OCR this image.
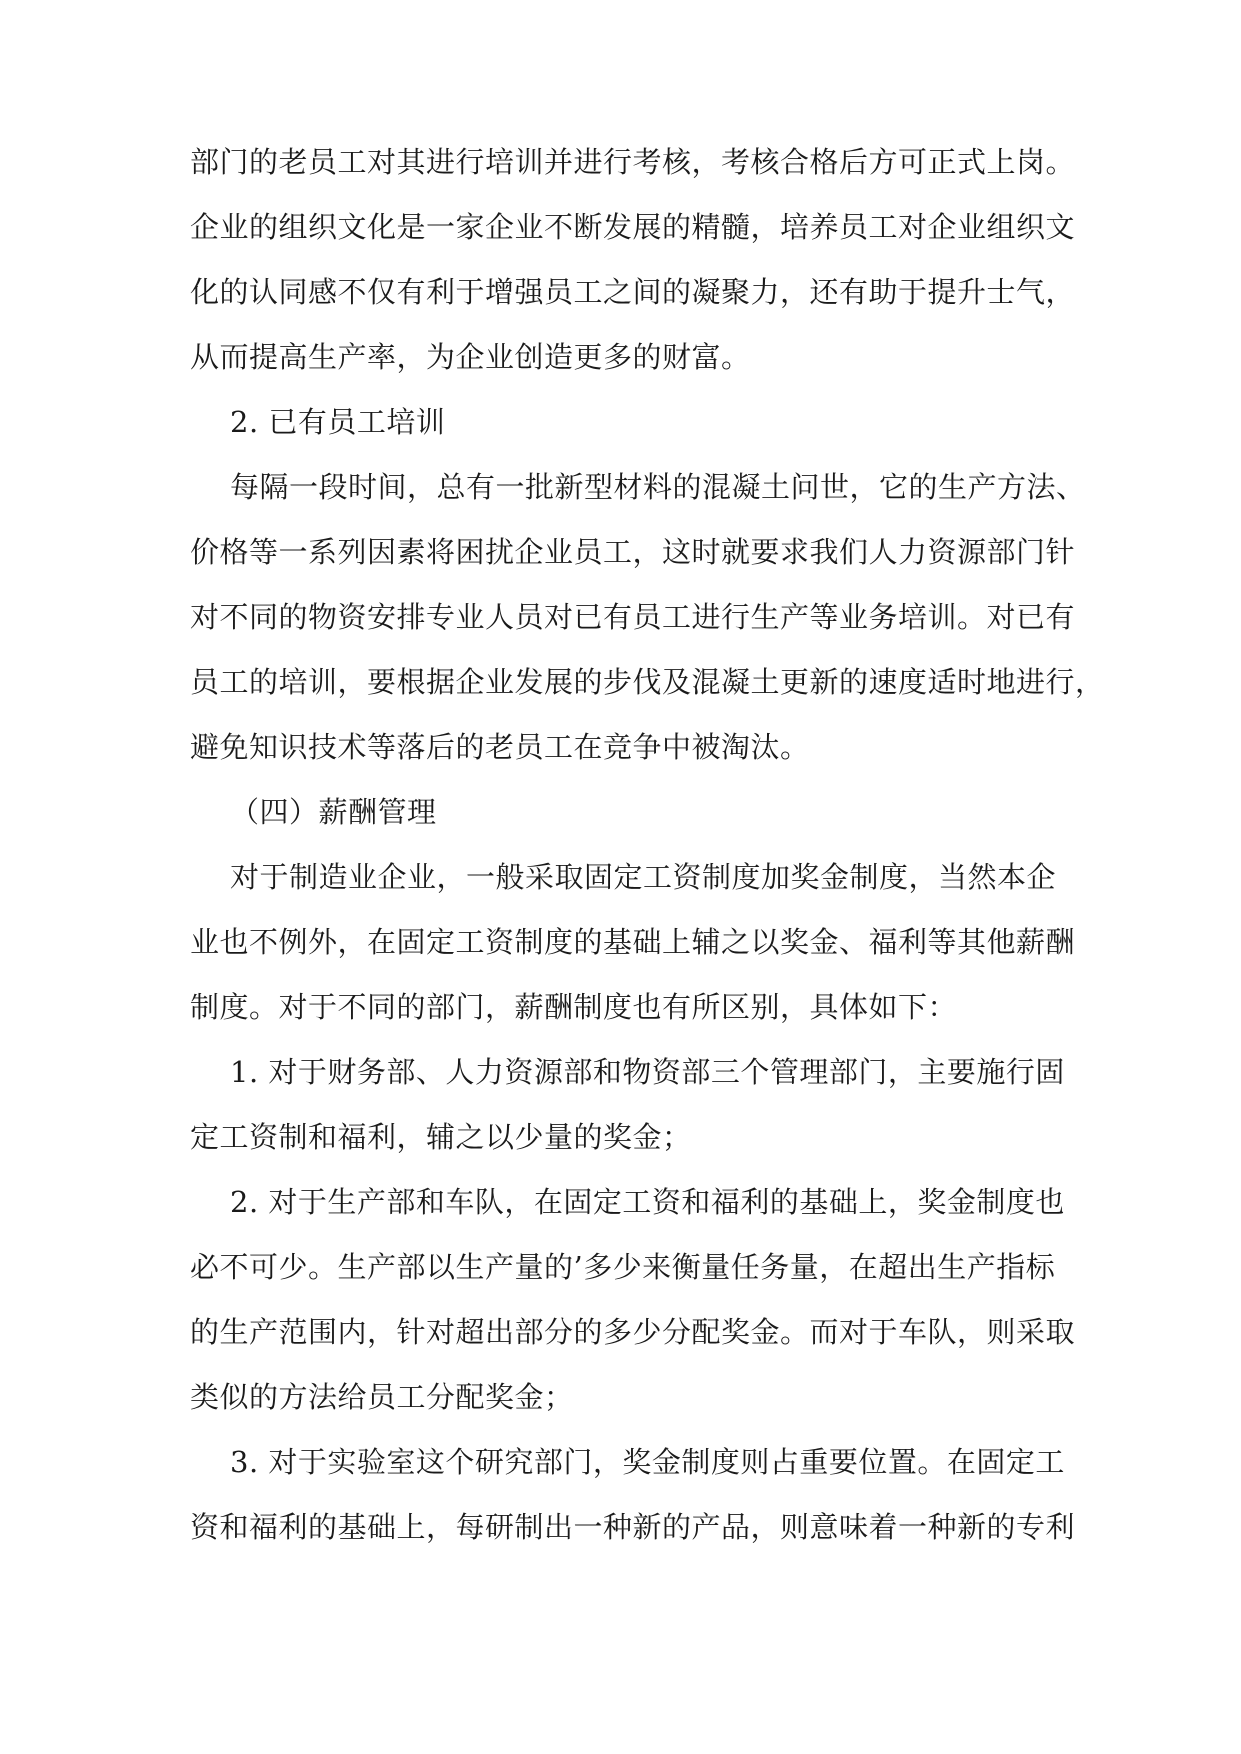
部门的老员工对其进行培训并进行考核，考核合格后方可正式上岗。
企业的组织文化是一家企业不断发展的精髓，培养员工对企业组织文
化的认同感不仅有利于增强员工之间的凝聚力，还有助于提升士气，
从而提高生产率，为企业创造更多的财富。
2. 已有员工培训
每隔一段时间，总有一批新型材料的混凝土问世，它的生产方法、
价格等一系列因素将困扰企业员工，这时就要求我们人力资源部门针
对不同的物资安排专业人员对已有员工进行生产等业务培训。对已有
员工的培训，要根据企业发展的步伐及混凝土更新的速度适时地进行，
避免知识技术等落后的老员工在竞争中被淘汰。
（四）薪酬管理
对于制造业企业，一般采取固定工资制度加奖金制度，当然本企
业也不例外，在固定工资制度的基础上辅之以奖金、福利等其他薪酬
制度。对于不同的部门，薪酬制度也有所区别，具体如下：
1. 对于财务部、人力资源部和物资部三个管理部门，主要施行固
定工资制和福利，辅之以少量的奖金；
2. 对于生产部和车队，在固定工资和福利的基础上，奖金制度也
必不可少。生产部以生产量的’多少来衡量任务量，在超出生产指标
的生产范围内，针对超出部分的多少分配奖金。而对于车队，则采取
类似的方法给员工分配奖金；
3. 对于实验室这个研究部门，奖金制度则占重要位置。在固定工
资和福利的基础上，每研制出一种新的产品，则意味着一种新的专利
